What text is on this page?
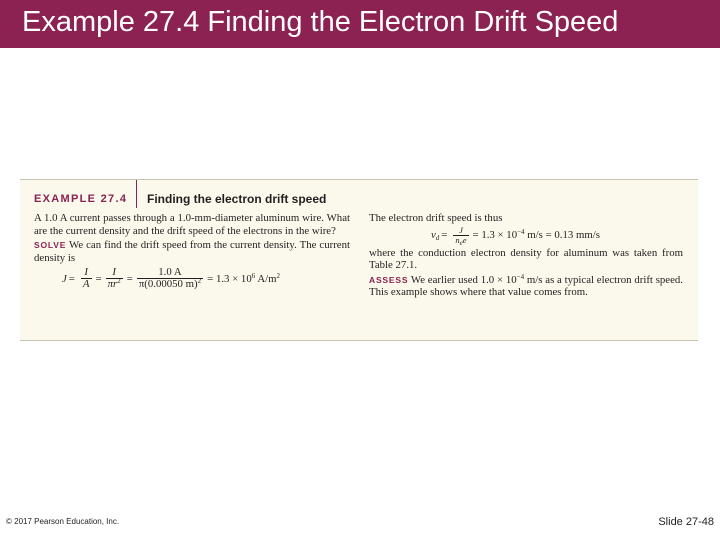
Example 27.4 Finding the Electron Drift Speed
EXAMPLE 27.4 Finding the electron drift speed

A 1.0 A current passes through a 1.0-mm-diameter aluminum wire. What are the current density and the drift speed of the electrons in the wire?

SOLVE We can find the drift speed from the current density. The current density is

$J = \frac{I}{A} = \frac{I}{\pi r^2} = \frac{1.0 A}{\pi(0.00050 m)^2} = 1.3 \times 10^6$ $A/m^2$

The electron drift speed is thus

$v_d = \frac{J}{n_ee} = 1.3 \times 10^{-4}$ m/s = 0.13 mm/s

where the conduction electron density for aluminum was taken from Table 27.1.

ASSESS We earlier used $1.0 \times 10^{-4}$ m/s as a typical electron drift speed. This example shows where that value comes from.

© 2017 Pearson Education, Inc.	Slide 27-48
